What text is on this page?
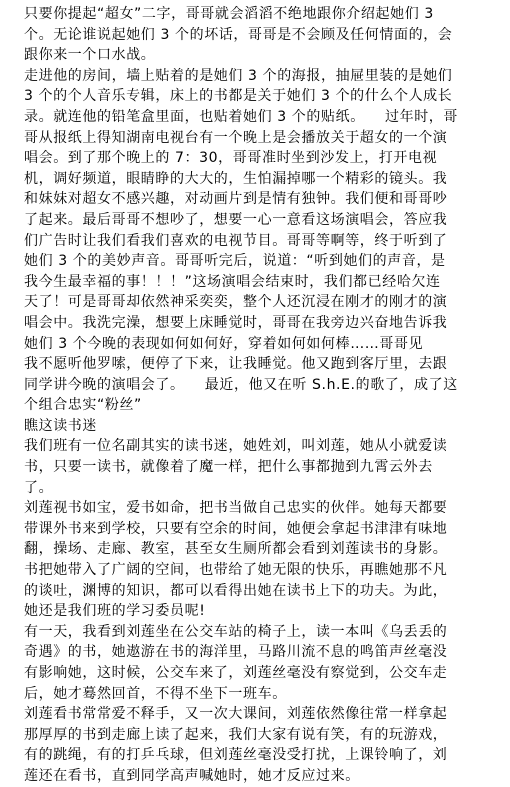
只要你提起“超女”二字，哥哥就会滔滔不绝地跟你介绍起她们 3
个。无论谁说起她们 3 个的坏话，哥哥是不会顾及任何情面的，会
跟你来一个口水战。
走进他的房间，墙上贴着的是她们 3 个的海报，抽屉里装的是她们
3 个的个人音乐专辑，床上的书都是关于她们 3 个的什么个人成长
录。就连他的铅笔盒里面，也贴着她们 3 个的贴纸。    过年时，哥
哥从报纸上得知湖南电视台有一个晚上是会播放关于超女的一个演
唱会。到了那个晚上的 7：30，哥哥准时坐到沙发上，打开电视
机，调好频道，眼睛睁的大大的，生怕漏掉哪一个精彩的镜头。我
和妹妹对超女不感兴趣，对动画片到是情有独钟。我们便和哥哥吵
了起来。最后哥哥不想吵了，想要一心一意看这场演唱会，答应我
们广告时让我们看我们喜欢的电视节目。哥哥等啊等，终于听到了
她们 3 个的美妙声音。哥哥听完后，说道：“听到她们的声音，是
我今生最幸福的事！！！”这场演唱会结束时，我们都已经哈欠连
天了！可是哥哥却依然神采奕奕，整个人还沉浸在刚才的刚才的演
唱会中。我洗完澡，想要上床睡觉时，哥哥在我旁边兴奋地告诉我
她们 3 个今晚的表现如何如何好，穿着如何如何棒……哥哥见
我不愿听他罗嗦，便停了下来，让我睡觉。他又跑到客厅里，去跟
同学讲今晚的演唱会了。    最近，他又在听 S.h.E.的歌了，成了这
个组合忠实“粉丝”
瞧这读书迷
我们班有一位名副其实的读书迷，她姓刘，叫刘莲，她从小就爱读
书，只要一读书，就像着了魔一样，把什么事都抛到九霄云外去
了。
刘莲视书如宝，爱书如命，把书当做自己忠实的伙伴。她每天都要
带课外书来到学校，只要有空余的时间，她便会拿起书津津有味地
翻，操场、走廊、教室，甚至女生厕所都会看到刘莲读书的身影。
书把她带入了广阔的空间，也带给了她无限的快乐，再瞧她那不凡
的谈吐，渊博的知识，都可以看得出她在读书上下的功夫。为此，
她还是我们班的学习委员呢!
有一天，我看到刘莲坐在公交车站的椅子上，读一本叫《乌丢丢的
奇遇》的书，她遨游在书的海洋里，马路川流不息的鸣笛声丝毫没
有影响她，这时候，公交车来了，刘莲丝毫没有察觉到，公交车走
后，她才蓦然回首，不得不坐下一班车。
刘莲看书常常爱不释手，又一次大课间，刘莲依然像往常一样拿起
那厚厚的书到走廊上读了起来，我们大家有说有笑，有的玩游戏，
有的跳绳，有的打乒乓球，但刘莲丝毫没受打扰，上课铃响了，刘
莲还在看书，直到同学高声喊她时，她才反应过来。
